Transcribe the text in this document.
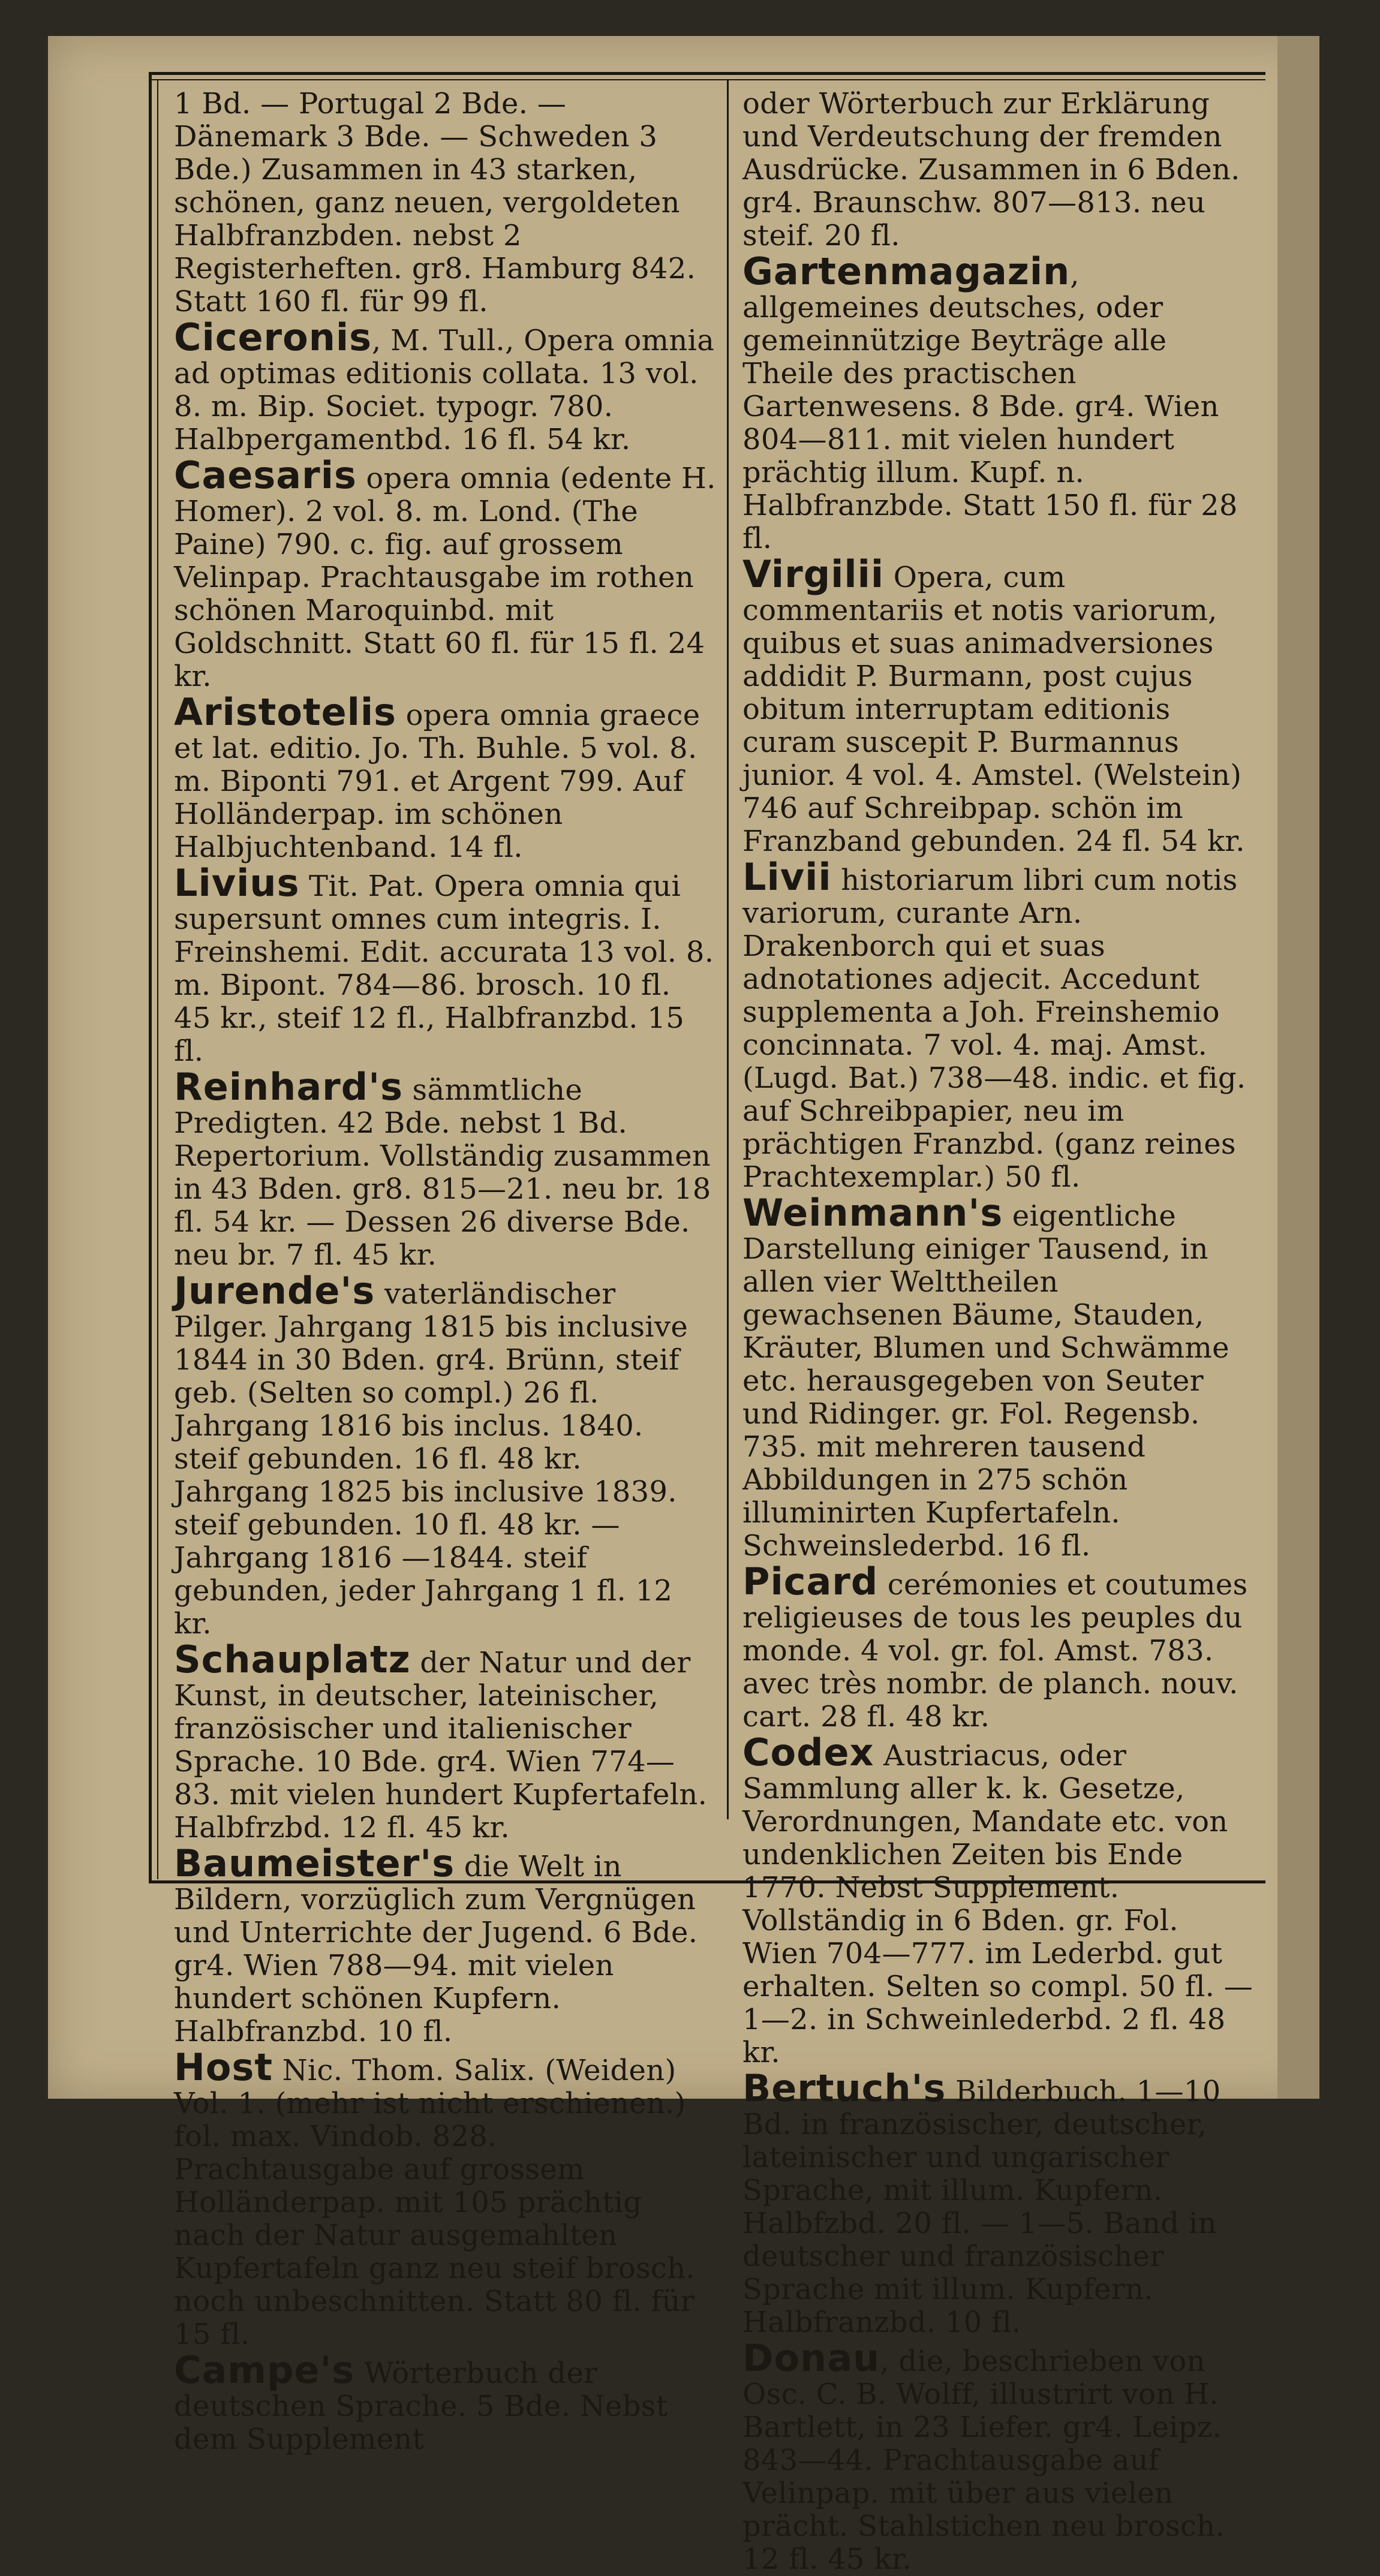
1 Bd. — Portugal 2 Bde. — Dänemark 3 Bde. — Schweden 3 Bde.) Zusammen in 43 starken, schönen, ganz neuen, vergoldeten Halbfranzbden. nebst 2 Registerheften. gr8. Hamburg 842. Statt 160 fl. für 99 fl.

Ciceronis, M. Tull., Opera omnia ad optimas editionis collata. 13 vol. 8. m. Bip. Societ. typogr. 780. Halbpergamentbd. 16 fl. 54 kr.

Caesaris opera omnia (edente H. Homer). 2 vol. 8. m. Lond. (The Paine) 790. c. fig. auf grossem Velinpap. Prachtausgabe im rothen schönen Maroquinbd. mit Goldschnitt. Statt 60 fl. für 15 fl. 24 kr.

Aristotelis opera omnia graece et lat. editio. Jo. Th. Buhle. 5 vol. 8. m. Biponti 791. et Argent 799. Auf Holländerpap. im schönen Halbjuchtenband. 14 fl.

Livius Tit. Pat. Opera omnia qui supersunt omnes cum integris. I. Freinshemi. Edit. accurata 13 vol. 8. m. Bipont. 784—86. brosch. 10 fl. 45 kr., steif 12 fl., Halbfranzbd. 15 fl.

Reinhard's sämmtliche Predigten. 42 Bde. nebst 1 Bd. Repertorium. Vollständig zusammen in 43 Bden. gr8. 815—21. neu br. 18 fl. 54 kr. — Dessen 26 diverse Bde. neu br. 7 fl. 45 kr.

Jurende's vaterländischer Pilger. Jahrgang 1815 bis inclusive 1844 in 30 Bden. gr4. Brünn, steif geb. (Selten so compl.) 26 fl. Jahrgang 1816 bis inclus. 1840. steif gebunden. 16 fl. 48 kr. Jahrgang 1825 bis inclusive 1839. steif gebunden. 10 fl. 48 kr. — Jahrgang 1816 —1844. steif gebunden, jeder Jahrgang 1 fl. 12 kr.

Schauplatz der Natur und der Kunst, in deutscher, lateinischer, französischer und italienischer Sprache. 10 Bde. gr4. Wien 774—83. mit vielen hundert Kupfertafeln. Halbfrzbd. 12 fl. 45 kr.

Baumeister's die Welt in Bildern, vorzüglich zum Vergnügen und Unterrichte der Jugend. 6 Bde. gr4. Wien 788—94. mit vielen hundert schönen Kupfern. Halbfranzbd. 10 fl.

Host Nic. Thom. Salix. (Weiden) Vol. 1. (mehr ist nicht erschienen.) fol. max. Vindob. 828. Prachtausgabe auf grossem Holländerpap. mit 105 prächtig nach der Natur ausgemahlten Kupfertafeln ganz neu steif brosch. noch unbeschnitten. Statt 80 fl. für 15 fl.

Campe's Wörterbuch der deutschen Sprache. 5 Bde. Nebst dem Supplement

oder Wörterbuch zur Erklärung und Verdeutschung der fremden Ausdrücke. Zusammen in 6 Bden. gr4. Braunschw. 807—813. neu steif. 20 fl.

Gartenmagazin, allgemeines deutsches, oder gemeinnützige Beyträge alle Theile des practischen Gartenwesens. 8 Bde. gr4. Wien 804—811. mit vielen hundert prächtig illum. Kupf. n. Halbfranzbde. Statt 150 fl. für 28 fl.

Virgilii Opera, cum commentariis et notis variorum, quibus et suas animadversiones addidit P. Burmann, post cujus obitum interruptam editionis curam suscepit P. Burmannus junior. 4 vol. 4. Amstel. (Welstein) 746 auf Schreibpap. schön im Franzband gebunden. 24 fl. 54 kr.

Livii historiarum libri cum notis variorum, curante Arn. Drakenborch qui et suas adnotationes adjecit. Accedunt supplementa a Joh. Freinshemio concinnata. 7 vol. 4. maj. Amst. (Lugd. Bat.) 738—48. indic. et fig. auf Schreibpapier, neu im prächtigen Franzbd. (ganz reines Prachtexemplar.) 50 fl.

Weinmann's eigentliche Darstellung einiger Tausend, in allen vier Welttheilen gewachsenen Bäume, Stauden, Kräuter, Blumen und Schwämme etc. herausgegeben von Seuter und Ridinger. gr. Fol. Regensb. 735. mit mehreren tausend Abbildungen in 275 schön illuminirten Kupfertafeln. Schweinslederbd. 16 fl.

Picard cerémonies et coutumes religieuses de tous les peuples du monde. 4 vol. gr. fol. Amst. 783. avec très nombr. de planch. nouv. cart. 28 fl. 48 kr.

Codex Austriacus, oder Sammlung aller k. k. Gesetze, Verordnungen, Mandate etc. von undenklichen Zeiten bis Ende 1770. Nebst Supplement. Vollständig in 6 Bden. gr. Fol. Wien 704—777. im Lederbd. gut erhalten. Selten so compl. 50 fl. — 1—2. in Schweinlederbd. 2 fl. 48 kr.

Bertuch's Bilderbuch. 1—10 Bd. in französischer, deutscher, lateinischer und ungarischer Sprache, mit illum. Kupfern. Halbfzbd. 20 fl. — 1—5. Band in deutscher und französischer Sprache mit illum. Kupfern. Halbfranzbd. 10 fl.

Donau, die, beschrieben von Osc. C. B. Wolff, illustrirt von H. Bartlett, in 23 Liefer. gr4. Leipz. 843—44. Prachtausgabe auf Velinpap. mit über aus vielen prächt. Stahlstichen neu brosch. 12 fl. 45 kr.
